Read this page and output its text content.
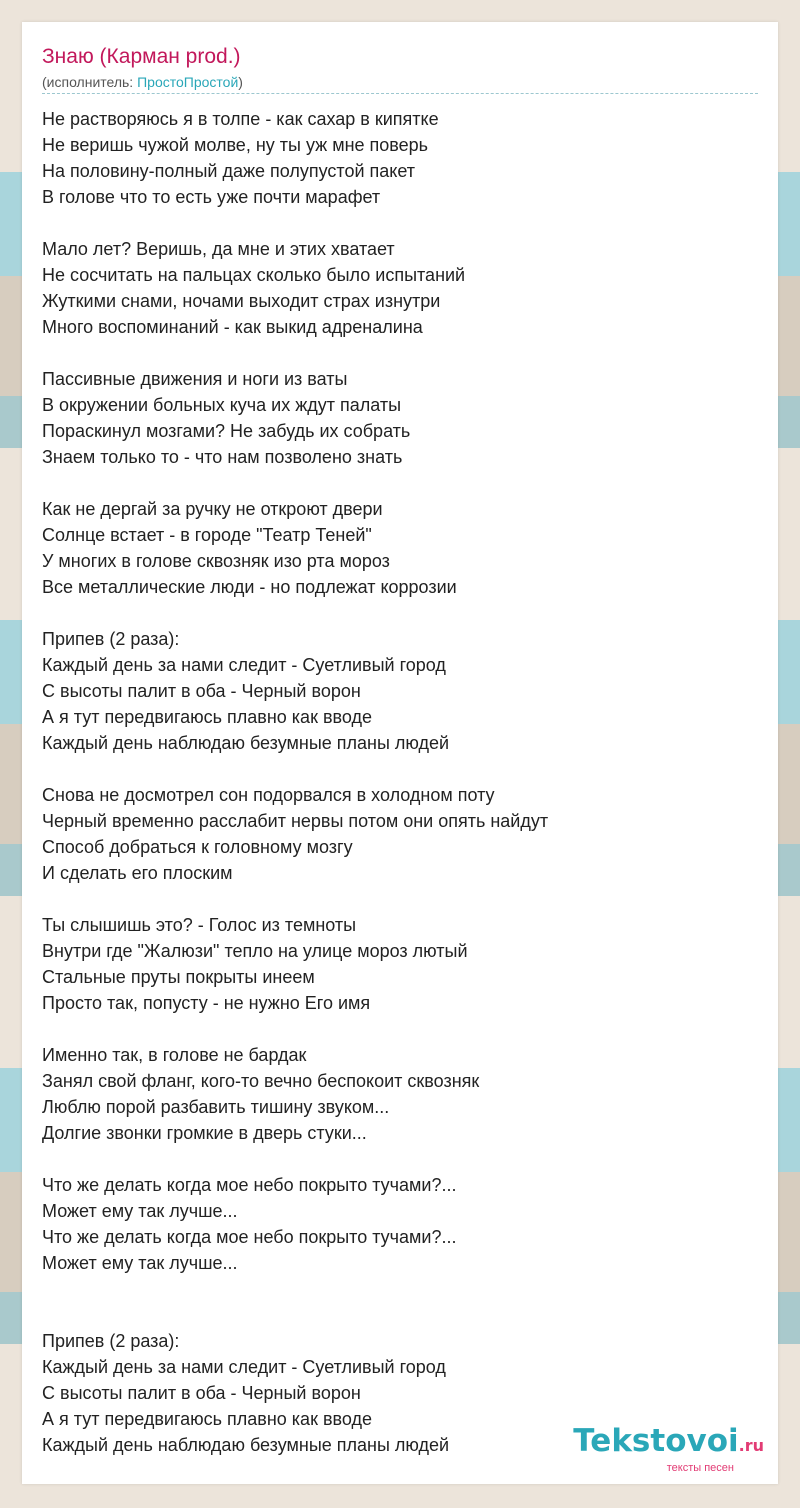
Знаю (Карман prod.)
(исполнитель: ПростоПростой)
Не растворяюсь я в толпе - как сахар в кипятке
Не веришь чужой молве, ну ты уж мне поверь
На половину-полный даже полупустой пакет
В голове что то есть уже почти марафет
Мало лет? Веришь, да мне и этих хватает
Не сосчитать на пальцах сколько было испытаний
Жуткими снами, ночами выходит страх изнутри
Много воспоминаний - как выкид адреналина
Пассивные движения и ноги из ваты
В окружении больных куча их ждут палаты
Пораскинул мозгами? Не забудь их собрать
Знаем только то - что нам позволено знать
Как не дергай за ручку не откроют двери
Солнце встает - в городе "Театр Теней"
У многих в голове сквозняк изо рта мороз
Все металлические люди - но подлежат коррозии
Припев (2 раза):
Каждый день за нами следит - Суетливый город
С высоты палит в оба - Черный ворон
А я тут передвигаюсь плавно как вводе
Каждый день наблюдаю безумные планы людей
Снова не досмотрел сон подорвался в холодном поту
Черный временно расслабит нервы потом они опять найдут
Способ добраться к головному мозгу
И сделать его плоским
Ты слышишь это? - Голос из темноты
Внутри где "Жалюзи" тепло на улице мороз лютый
Стальные пруты покрыты инеем
Просто так, попусту - не нужно Его имя
Именно так, в голове не бардак
Занял свой фланг, кого-то вечно беспокоит сквозняк
Люблю порой разбавить тишину звуком...
Долгие звонки громкие в дверь стуки...
Что же делать когда мое небо покрыто тучами?...
Может ему так лучше...
Что же делать когда мое небо покрыто тучами?...
Может ему так лучше...
Припев (2 раза):
Каждый день за нами следит - Суетливый город
С высоты палит в оба - Черный ворон
А я тут передвигаюсь плавно как вводе
Каждый день наблюдаю безумные планы людей	Tekstovoi.ru
тексты песен
